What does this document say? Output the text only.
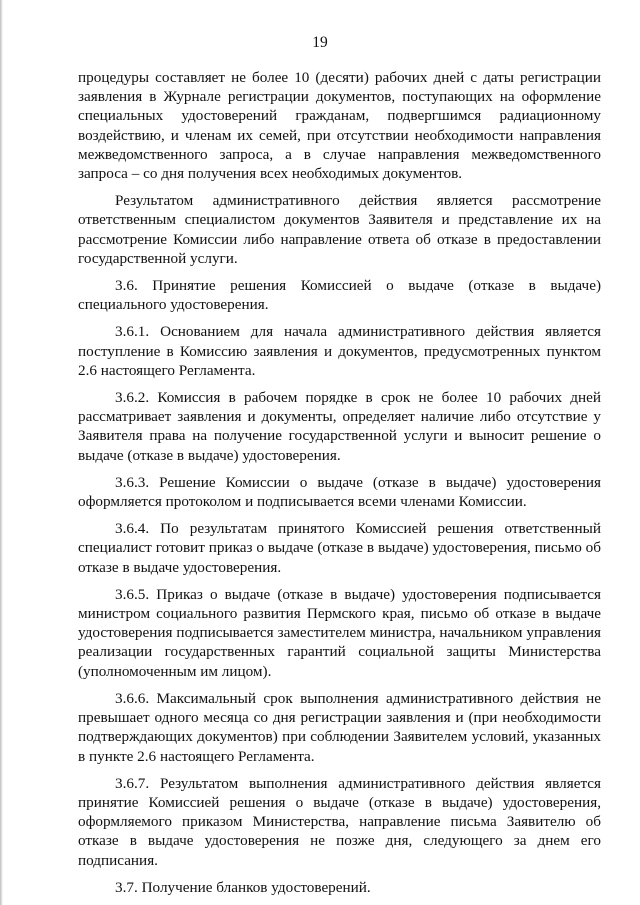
19

процедуры составляет не более 10 (десяти) рабочих дней с даты регистрации заявления в Журнале регистрации документов, поступающих на оформление специальных удостоверений гражданам, подвергшимся радиационному воздействию, и членам их семей, при отсутствии необходимости направления межведомственного запроса, а в случае направления межведомственного запроса – со дня получения всех необходимых документов.

Результатом административного действия является рассмотрение ответственным специалистом документов Заявителя и представление их на рассмотрение Комиссии либо направление ответа об отказе в предоставлении государственной услуги.

3.6. Принятие решения Комиссией о выдаче (отказе в выдаче) специального удостоверения.

3.6.1. Основанием для начала административного действия является поступление в Комиссию заявления и документов, предусмотренных пунктом 2.6 настоящего Регламента.

3.6.2. Комиссия в рабочем порядке в срок не более 10 рабочих дней рассматривает заявления и документы, определяет наличие либо отсутствие у Заявителя права на получение государственной услуги и выносит решение о выдаче (отказе в выдаче) удостоверения.

3.6.3. Решение Комиссии о выдаче (отказе в выдаче) удостоверения оформляется протоколом и подписывается всеми членами Комиссии.

3.6.4. По результатам принятого Комиссией решения ответственный специалист готовит приказ о выдаче (отказе в выдаче) удостоверения, письмо об отказе в выдаче удостоверения.

3.6.5. Приказ о выдаче (отказе в выдаче) удостоверения подписывается министром социального развития Пермского края, письмо об отказе в выдаче удостоверения подписывается заместителем министра, начальником управления реализации государственных гарантий социальной защиты Министерства (уполномоченным им лицом).

3.6.6. Максимальный срок выполнения административного действия не превышает одного месяца со дня регистрации заявления и (при необходимости подтверждающих документов) при соблюдении Заявителем условий, указанных в пункте 2.6 настоящего Регламента.

3.6.7. Результатом выполнения административного действия является принятие Комиссией решения о выдаче (отказе в выдаче) удостоверения, оформляемого приказом Министерства, направление письма Заявителю об отказе в выдаче удостоверения не позже дня, следующего за днем его подписания.

3.7. Получение бланков удостоверений.
